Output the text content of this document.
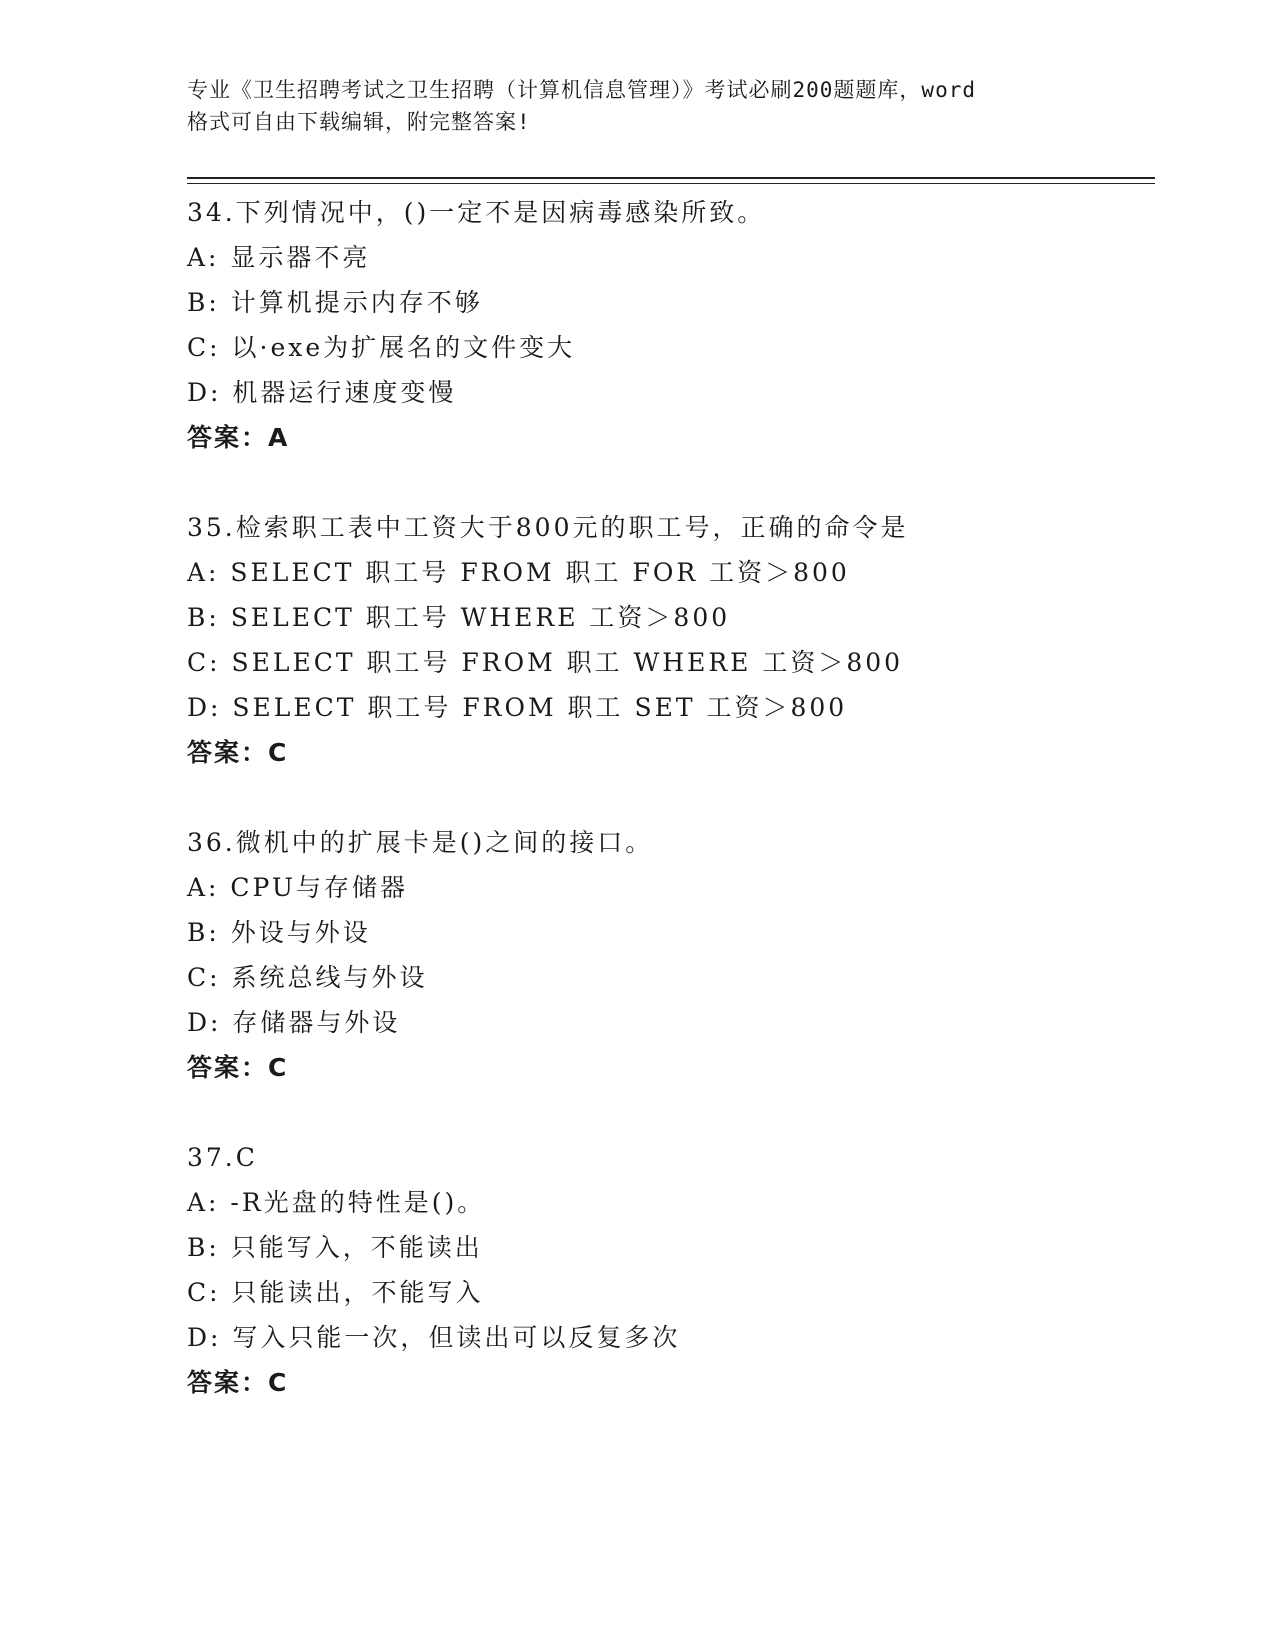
专业《卫生招聘考试之卫生招聘（计算机信息管理）》考试必刷200题题库，word
格式可自由下载编辑，附完整答案!
34.下列情况中，()一定不是因病毒感染所致。
A: 显示器不亮
B: 计算机提示内存不够
C: 以·exe为扩展名的文件变大
D: 机器运行速度变慢
答案：A
35.检索职工表中工资大于800元的职工号，正确的命令是
A: SELECT 职工号 FROM 职工 FOR 工资＞800
B: SELECT 职工号 WHERE 工资＞800
C: SELECT 职工号 FROM 职工 WHERE 工资＞800
D: SELECT 职工号 FROM 职工 SET 工资＞800
答案：C
36.微机中的扩展卡是()之间的接口。
A: CPU与存储器
B: 外设与外设
C: 系统总线与外设
D: 存储器与外设
答案：C
37.C
A: -R光盘的特性是()。
B: 只能写入，不能读出
C: 只能读出，不能写入
D: 写入只能一次，但读出可以反复多次
答案：C
